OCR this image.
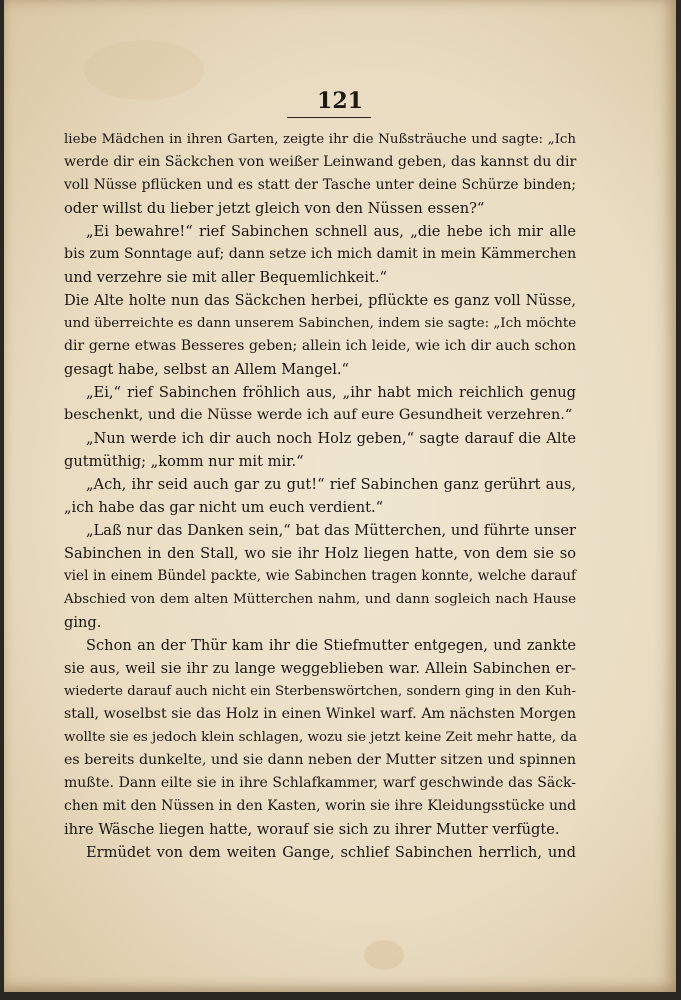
121
liebe Mädchen in ihren Garten, zeigte ihr die Nußsträuche und sagte: „Ich
werde dir ein Säckchen von weißer Leinwand geben, das kannst du dir
voll Nüsse pflücken und es statt der Tasche unter deine Schürze binden;
oder willst du lieber jetzt gleich von den Nüssen essen?“
„Ei bewahre!“ rief Sabinchen schnell aus, „die hebe ich mir alle
bis zum Sonntage auf; dann setze ich mich damit in mein Kämmerchen
und verzehre sie mit aller Bequemlichkeit.“
Die Alte holte nun das Säckchen herbei, pflückte es ganz voll Nüsse,
und überreichte es dann unserem Sabinchen, indem sie sagte: „Ich möchte
dir gerne etwas Besseres geben; allein ich leide, wie ich dir auch schon
gesagt habe, selbst an Allem Mangel.“
„Ei,“ rief Sabinchen fröhlich aus, „ihr habt mich reichlich genug
beschenkt, und die Nüsse werde ich auf eure Gesundheit verzehren.“
„Nun werde ich dir auch noch Holz geben,“ sagte darauf die Alte
gutmüthig; „komm nur mit mir.“
„Ach, ihr seid auch gar zu gut!“ rief Sabinchen ganz gerührt aus,
„ich habe das gar nicht um euch verdient.“
„Laß nur das Danken sein,“ bat das Mütterchen, und führte unser
Sabinchen in den Stall, wo sie ihr Holz liegen hatte, von dem sie so
viel in einem Bündel packte, wie Sabinchen tragen konnte, welche darauf
Abschied von dem alten Mütterchen nahm, und dann sogleich nach Hause
ging.
Schon an der Thür kam ihr die Stiefmutter entgegen, und zankte
sie aus, weil sie ihr zu lange weggeblieben war. Allein Sabinchen er-
wiederte darauf auch nicht ein Sterbenswörtchen, sondern ging in den Kuh-
stall, woselbst sie das Holz in einen Winkel warf. Am nächsten Morgen
wollte sie es jedoch klein schlagen, wozu sie jetzt keine Zeit mehr hatte, da
es bereits dunkelte, und sie dann neben der Mutter sitzen und spinnen
mußte. Dann eilte sie in ihre Schlafkammer, warf geschwinde das Säck-
chen mit den Nüssen in den Kasten, worin sie ihre Kleidungsstücke und
ihre Wäsche liegen hatte, worauf sie sich zu ihrer Mutter verfügte.
Ermüdet von dem weiten Gange, schlief Sabinchen herrlich, und
